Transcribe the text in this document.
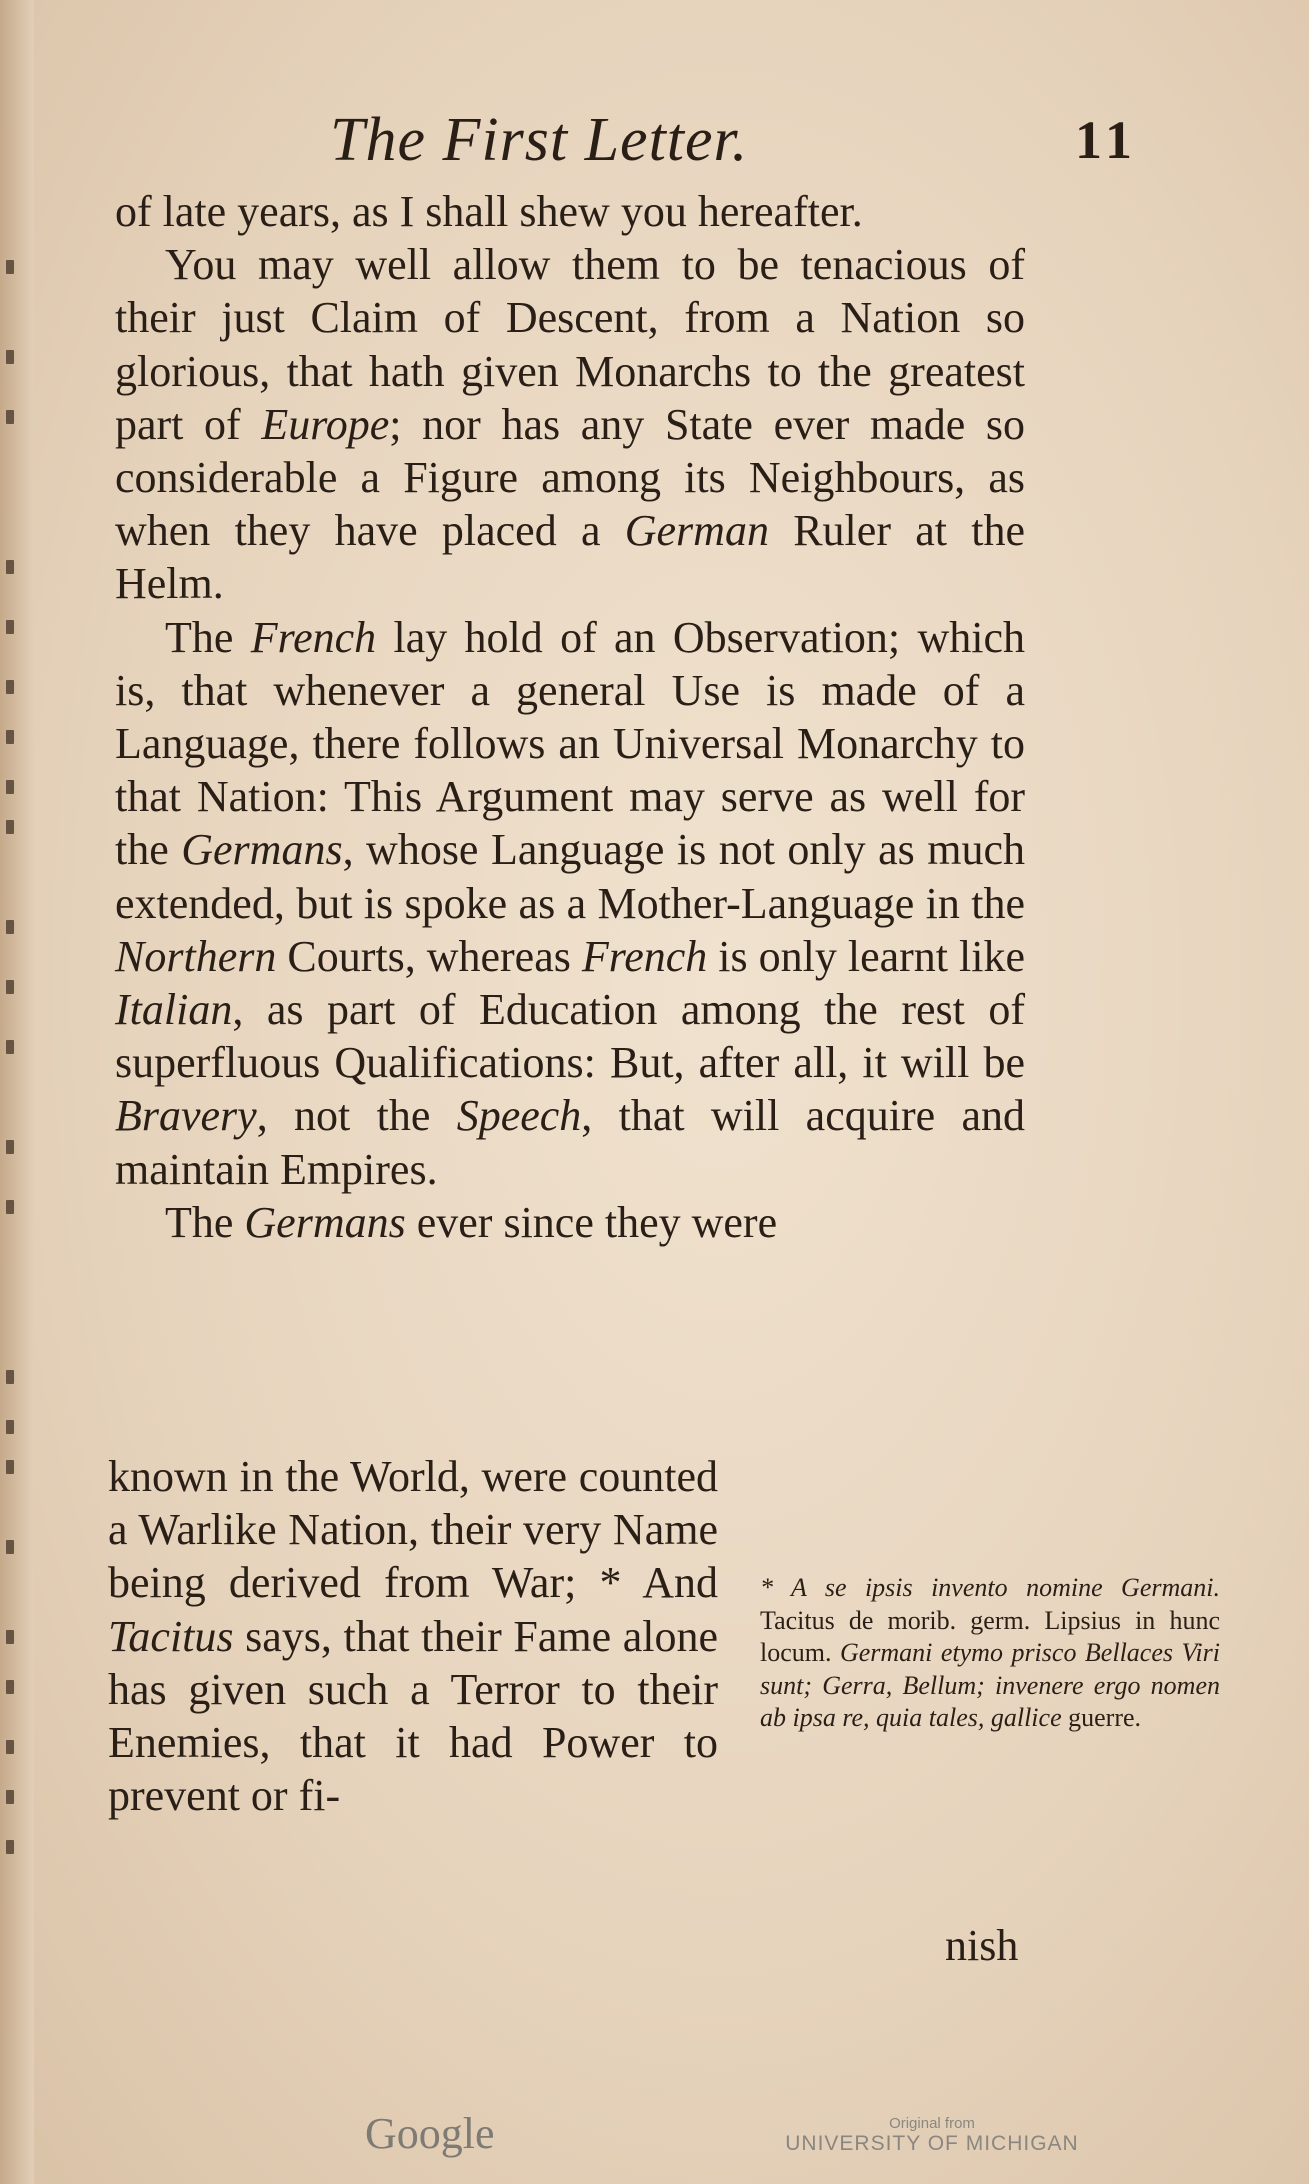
The First Letter.	11

of late years, as I shall shew you hereafter.

You may well allow them to be tenacious of their just Claim of Descent, from a Nation so glorious, that hath given Monarchs to the greatest part of Europe; nor has any State ever made so considerable a Figure among its Neighbours, as when they have placed a German Ruler at the Helm.

The French lay hold of an Observation; which is, that whenever a general Use is made of a Language, there follows an Universal Monarchy to that Nation: This Argument may serve as well for the Germans, whose Language is not only as much extended, but is spoke as a Mother-Language in the Northern Courts, whereas French is only learnt like Italian, as part of Education among the rest of superfluous Qualifications: But, after all, it will be Bravery, not the Speech, that will acquire and maintain Empires.

The Germans ever since they were

known in the World, were counted a Warlike Nation, their very Name being derived from War; * And Tacitus says, that their Fame alone has given such a Terror to their Enemies, that it had Power to prevent or fi-

* A se ipsis invento nomine Germani. Tacitus de morib. germ. Lipsius in hunc locum. Germani etymo prisco Bellaces Viri sunt; Gerra, Bellum; invenere ergo nomen ab ipsa re, quia tales, gallice guerre.
nish
Google	Original from
UNIVERSITY OF MICHIGAN
